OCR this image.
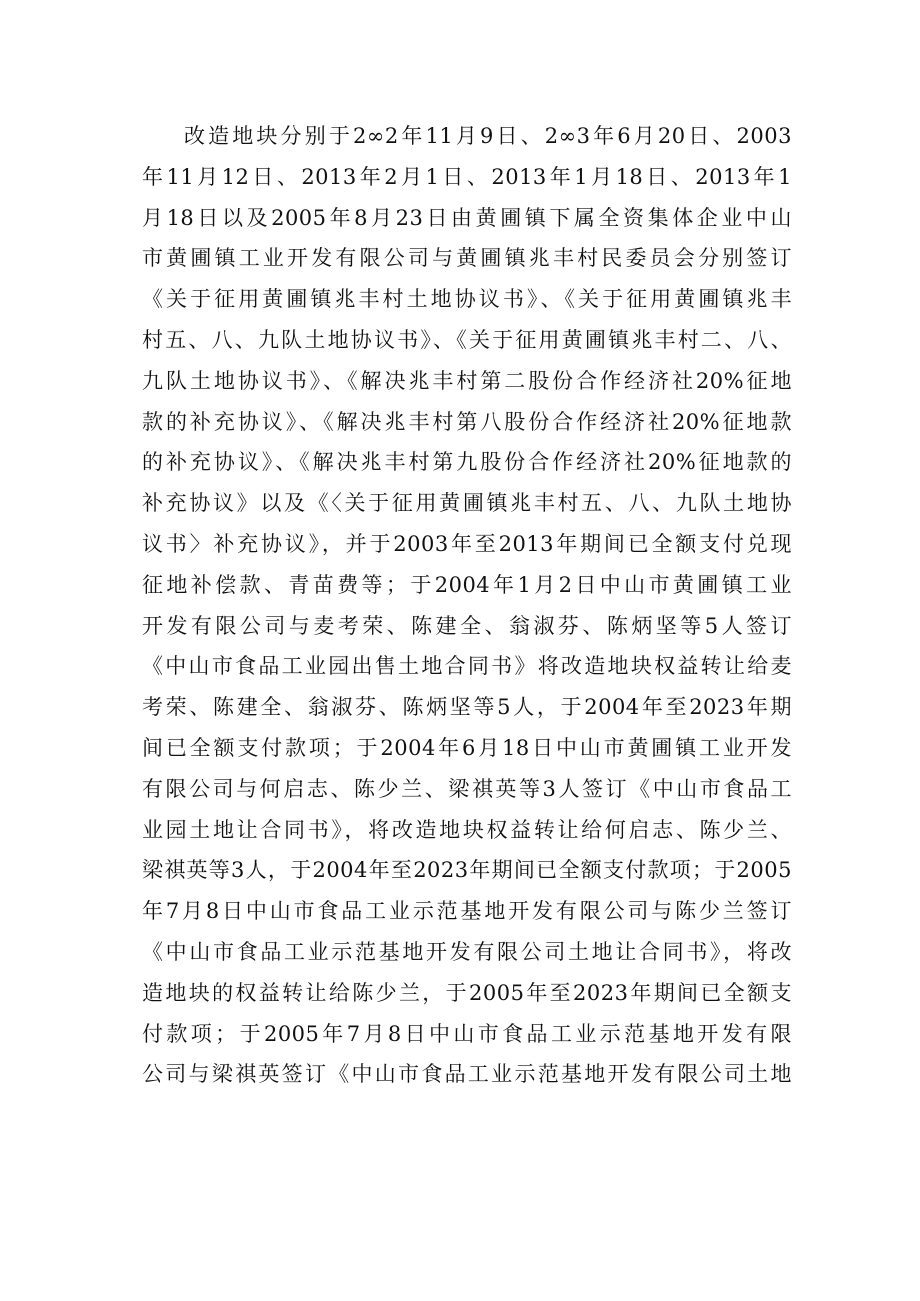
改造地块分别于2∞2年11月9日、2∞3年6月20日、2003
年11月12日、2013年2月1日、2013年1月18日、2013年1
月18日以及2005年8月23日由黄圃镇下属全资集体企业中山
市黄圃镇工业开发有限公司与黄圃镇兆丰村民委员会分别签订
《关于征用黄圃镇兆丰村土地协议书》、《关于征用黄圃镇兆丰
村五、八、九队土地协议书》、《关于征用黄圃镇兆丰村二、八、
九队土地协议书》、《解决兆丰村第二股份合作经济社20%征地
款的补充协议》、《解决兆丰村第八股份合作经济社20%征地款
的补充协议》、《解决兆丰村第九股份合作经济社20%征地款的
补充协议》以及《〈关于征用黄圃镇兆丰村五、八、九队土地协
议书〉补充协议》，并于2003年至2013年期间已全额支付兑现
征地补偿款、青苗费等；于2004年1月2日中山市黄圃镇工业
开发有限公司与麦考荣、陈建全、翁淑芬、陈炳坚等5人签订
《中山市食品工业园出售土地合同书》将改造地块权益转让给麦
考荣、陈建全、翁淑芬、陈炳坚等5人，于2004年至2023年期
间已全额支付款项；于2004年6月18日中山市黄圃镇工业开发
有限公司与何启志、陈少兰、梁祺英等3人签订《中山市食品工
业园土地让合同书》，将改造地块权益转让给何启志、陈少兰、
梁祺英等3人，于2004年至2023年期间已全额支付款项；于2005
年7月8日中山市食品工业示范基地开发有限公司与陈少兰签订
《中山市食品工业示范基地开发有限公司土地让合同书》，将改
造地块的权益转让给陈少兰，于2005年至2023年期间已全额支
付款项；于2005年7月8日中山市食品工业示范基地开发有限
公司与梁祺英签订《中山市食品工业示范基地开发有限公司土地
